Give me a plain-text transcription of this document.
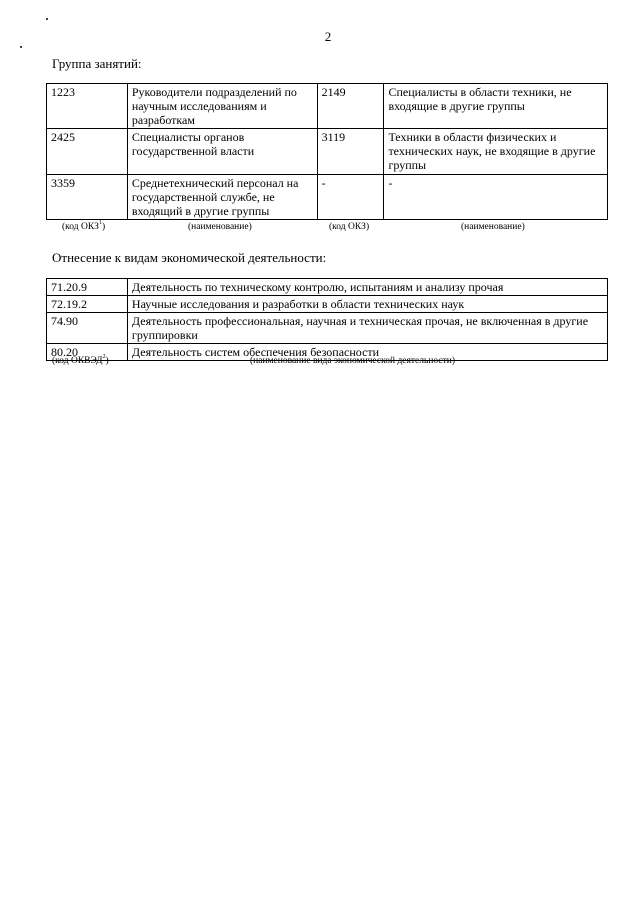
2
Группа занятий:
1223	Руководители подразделений по научным исследованиям и разработкам	2149	Специалисты в области техники, не входящие в другие группы
2425	Специалисты органов государственной власти	3119	Техники в области физических и технических наук, не входящие в другие группы
3359	Среднетехнический персонал на государственной службе, не входящий в другие группы	-	-
(код ОКЗ$^1$)	(наименование)	(код ОКЗ)	(наименование)
Отнесение к видам экономической деятельности:
71.20.9	Деятельность по техническому контролю, испытаниям и анализу прочая
72.19.2	Научные исследования и разработки в области технических наук
74.90	Деятельность профессиональная, научная и техническая прочая, не включенная в другие группировки
80.20	Деятельность систем обеспечения безопасности
(код ОКВЭД$^2$)	(наименование вида экономической деятельности)
